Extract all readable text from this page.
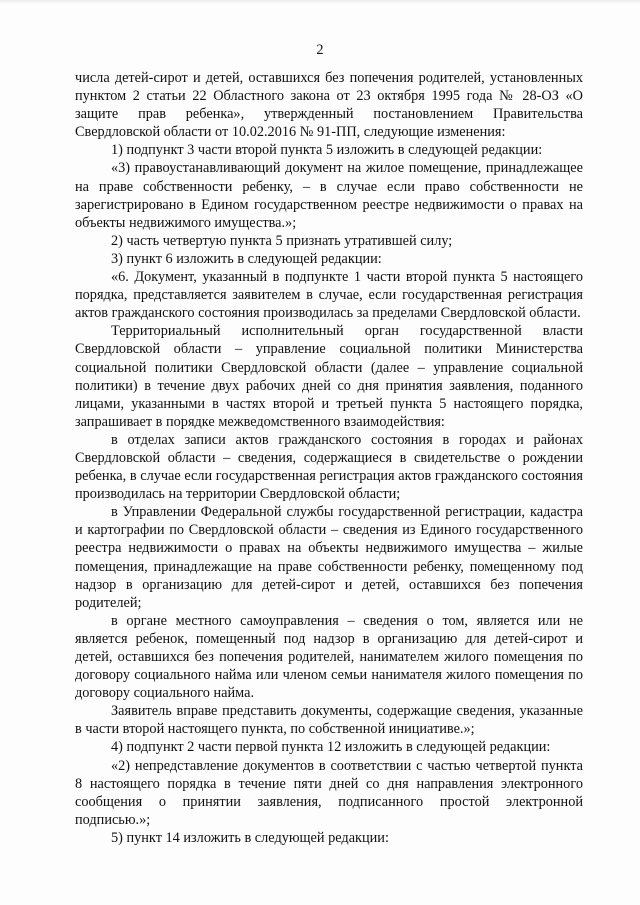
2

числа детей-сирот и детей, оставшихся без попечения родителей, установленных пунктом 2 статьи 22 Областного закона от 23 октября 1995 года № 28-ОЗ «О защите прав ребенка», утвержденный постановлением Правительства Свердловской области от 10.02.2016 № 91-ПП, следующие изменения:

1) подпункт 3 части второй пункта 5 изложить в следующей редакции:

«3) правоустанавливающий документ на жилое помещение, принадлежащее на праве собственности ребенку, – в случае если право собственности не зарегистрировано в Едином государственном реестре недвижимости о правах на объекты недвижимого имущества.»;

2) часть четвертую пункта 5 признать утратившей силу;

3) пункт 6 изложить в следующей редакции:

«6. Документ, указанный в подпункте 1 части второй пункта 5 настоящего порядка, представляется заявителем в случае, если государственная регистрация актов гражданского состояния производилась за пределами Свердловской области.

Территориальный исполнительный орган государственной власти Свердловской области – управление социальной политики Министерства социальной политики Свердловской области (далее – управление социальной политики) в течение двух рабочих дней со дня принятия заявления, поданного лицами, указанными в частях второй и третьей пункта 5 настоящего порядка, запрашивает в порядке межведомственного взаимодействия:

в отделах записи актов гражданского состояния в городах и районах Свердловской области – сведения, содержащиеся в свидетельстве о рождении ребенка, в случае если государственная регистрация актов гражданского состояния производилась на территории Свердловской области;

в Управлении Федеральной службы государственной регистрации, кадастра и картографии по Свердловской области – сведения из Единого государственного реестра недвижимости о правах на объекты недвижимого имущества – жилые помещения, принадлежащие на праве собственности ребенку, помещенному под надзор в организацию для детей-сирот и детей, оставшихся без попечения родителей;

в органе местного самоуправления – сведения о том, является или не является ребенок, помещенный под надзор в организацию для детей-сирот и детей, оставшихся без попечения родителей, нанимателем жилого помещения по договору социального найма или членом семьи нанимателя жилого помещения по договору социального найма.

Заявитель вправе представить документы, содержащие сведения, указанные в части второй настоящего пункта, по собственной инициативе.»;

4) подпункт 2 части первой пункта 12 изложить в следующей редакции:

«2) непредставление документов в соответствии с частью четвертой пункта 8 настоящего порядка в течение пяти дней со дня направления электронного сообщения о принятии заявления, подписанного простой электронной подписью.»;

5) пункт 14 изложить в следующей редакции:
